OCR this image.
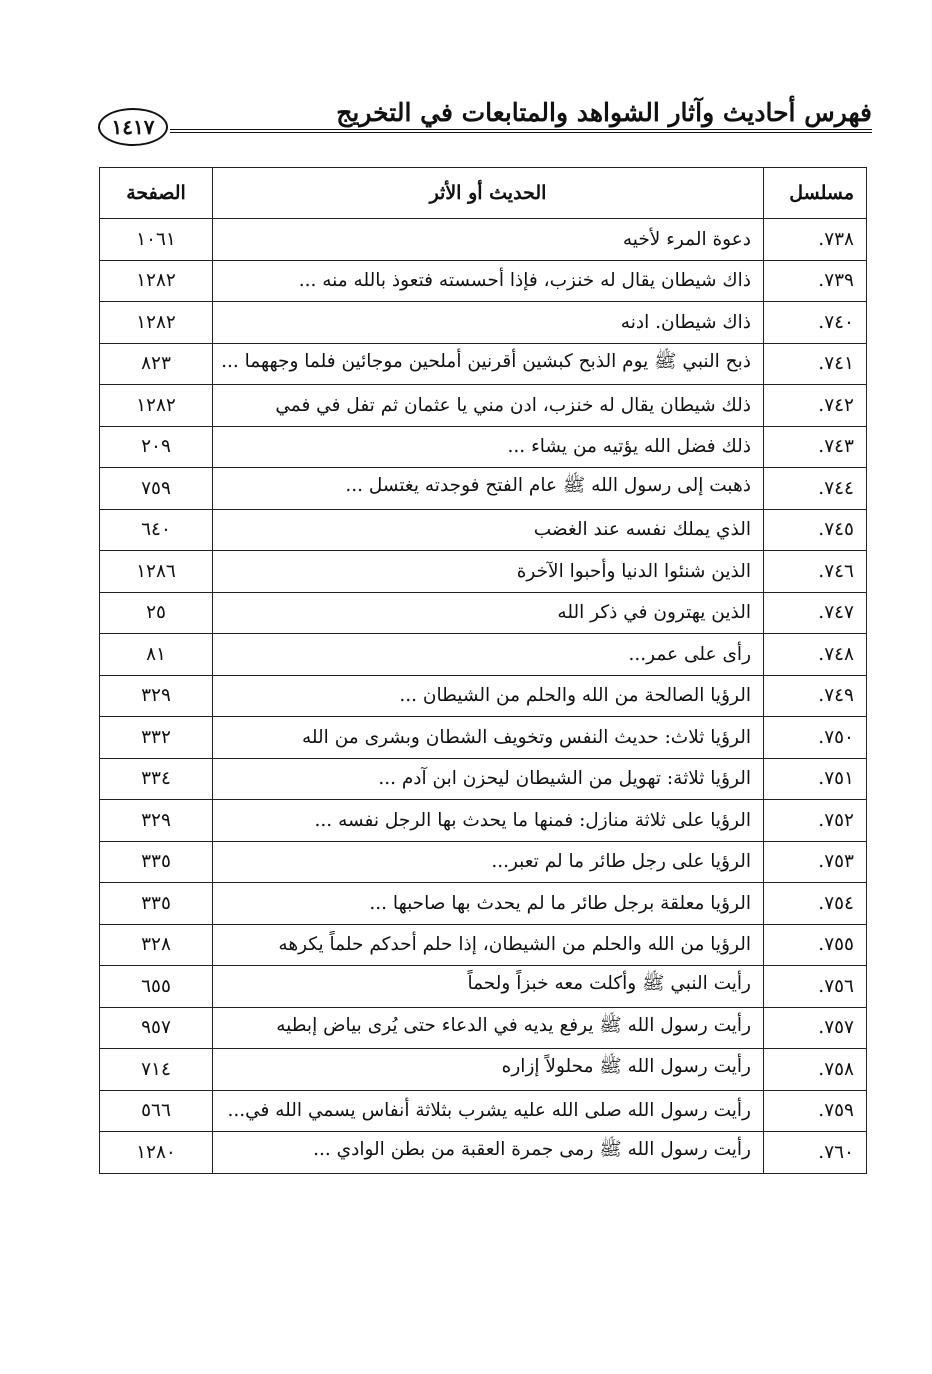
فهرس أحاديث وآثار الشواهد والمتابعات في التخريج
١٤١٧
مسلسل	الحديث أو الأثر	الصفحة
٧٣٨.	دعوة المرء لأخيه	١٠٦١
٧٣٩.	ذاك شيطان يقال له خنزب، فإذا أحسسته فتعوذ بالله منه ...	١٢٨٢
٧٤٠.	ذاك شيطان. ادنه	١٢٨٢
٧٤١.	ذبح النبي ﷺ يوم الذبح كبشين أقرنين أملحين موجائين فلما وجههما ...	٨٢٣
٧٤٢.	ذلك شيطان يقال له خنزب، ادن مني يا عثمان ثم تفل في فمي	١٢٨٢
٧٤٣.	ذلك فضل الله يؤتيه من يشاء ...	٢٠٩
٧٤٤.	ذهبت إلى رسول الله ﷺ عام الفتح فوجدته يغتسل ...	٧٥٩
٧٤٥.	الذي يملك نفسه عند الغضب	٦٤٠
٧٤٦.	الذين شنئوا الدنيا وأحبوا الآخرة	١٢٨٦
٧٤٧.	الذين يهترون في ذكر الله	٢٥
٧٤٨.	رأى على عمر...	٨١
٧٤٩.	الرؤيا الصالحة من الله والحلم من الشيطان ...	٣٢٩
٧٥٠.	الرؤيا ثلاث: حديث النفس وتخويف الشطان وبشرى من الله	٣٣٢
٧٥١.	الرؤيا ثلاثة: تهويل من الشيطان ليحزن ابن آدم ...	٣٣٤
٧٥٢.	الرؤيا على ثلاثة منازل: فمنها ما يحدث بها الرجل نفسه ...	٣٢٩
٧٥٣.	الرؤيا على رجل طائر ما لم تعبر...	٣٣٥
٧٥٤.	الرؤيا معلقة برجل طائر ما لم يحدث بها صاحبها ...	٣٣٥
٧٥٥.	الرؤيا من الله والحلم من الشيطان، إذا حلم أحدكم حلماً يكرهه	٣٢٨
٧٥٦.	رأيت النبي ﷺ وأكلت معه خبزاً ولحماً	٦٥٥
٧٥٧.	رأيت رسول الله ﷺ يرفع يديه في الدعاء حتى يُرى بياض إبطيه	٩٥٧
٧٥٨.	رأيت رسول الله ﷺ محلولاً إزاره	٧١٤
٧٥٩.	رأيت رسول الله صلى الله عليه يشرب بثلاثة أنفاس يسمي الله في...	٥٦٦
٧٦٠.	رأيت رسول الله ﷺ رمى جمرة العقبة من بطن الوادي ...	١٢٨٠
